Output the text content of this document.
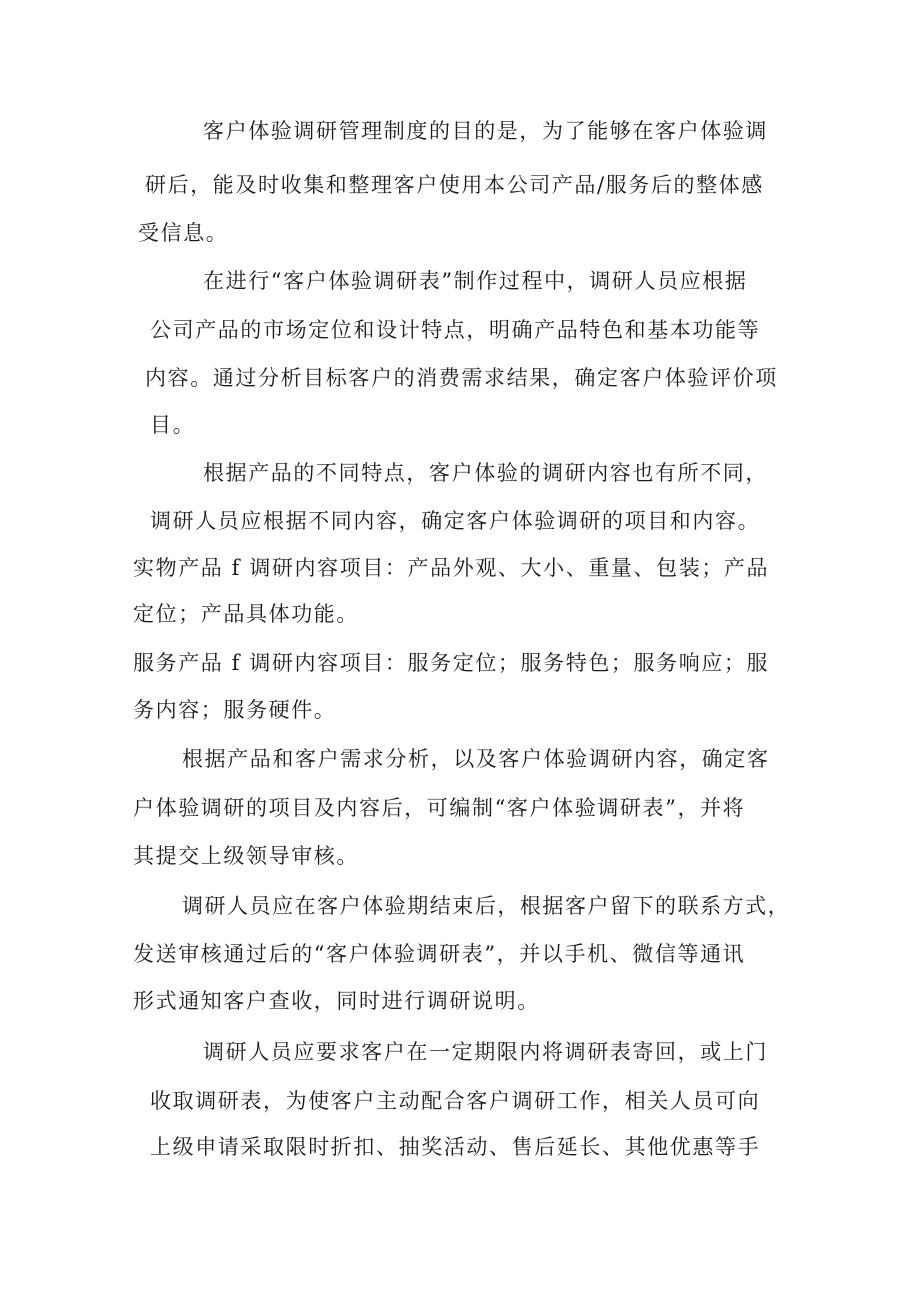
客户体验调研管理制度的目的是，为了能够在客户体验调
研后，能及时收集和整理客户使用本公司产品/服务后的整体感
受信息。
在进行“客户体验调研表”制作过程中，调研人员应根据
公司产品的市场定位和设计特点，明确产品特色和基本功能等
内容。通过分析目标客户的消费需求结果，确定客户体验评价项
目。
根据产品的不同特点，客户体验的调研内容也有所不同，
调研人员应根据不同内容，确定客户体验调研的项目和内容。
实物产品 f 调研内容项目：产品外观、大小、重量、包装；产品
定位；产品具体功能。
服务产品 f 调研内容项目：服务定位；服务特色；服务响应；服
务内容；服务硬件。
根据产品和客户需求分析，以及客户体验调研内容，确定客
户体验调研的项目及内容后，可编制“客户体验调研表”，并将
其提交上级领导审核。
调研人员应在客户体验期结束后，根据客户留下的联系方式，
发送审核通过后的“客户体验调研表”，并以手机、微信等通讯
形式通知客户查收，同时进行调研说明。
调研人员应要求客户在一定期限内将调研表寄回，或上门
收取调研表，为使客户主动配合客户调研工作，相关人员可向
上级申请采取限时折扣、抽奖活动、售后延长、其他优惠等手
